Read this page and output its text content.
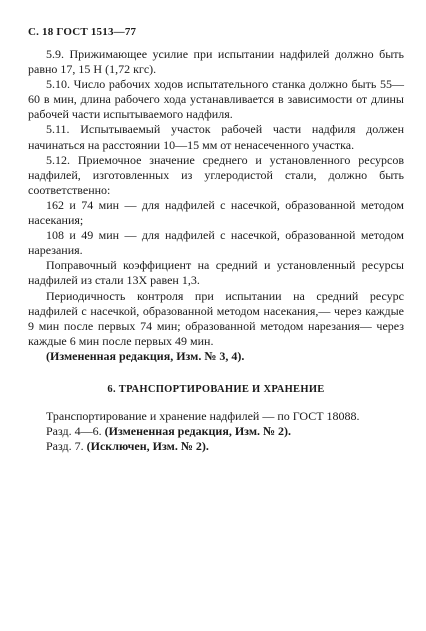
С. 18 ГОСТ 1513—77

5.9. Прижимающее усилие при испытании надфилей должно быть равно 17, 15 Н (1,72 кгс).

5.10. Число рабочих ходов испытательного станка должно быть 55—60 в мин, длина рабочего хода устанавливается в зависимости от длины рабочей части испытываемого надфиля.

5.11. Испытываемый участок рабочей части надфиля должен начинаться на расстоянии 10—15 мм от ненасеченного участка.

5.12. Приемочное значение среднего и установленного ресурсов надфилей, изготовленных из углеродистой стали, должно быть соответственно:

162 и 74 мин — для надфилей с насечкой, образованной методом насекания;

108 и 49 мин — для надфилей с насечкой, образованной методом нарезания.

Поправочный коэффициент на средний и установленный ресурсы надфилей из стали 13Х равен 1,3.

Периодичность контроля при испытании на средний ресурс надфилей с насечкой, образованной методом насекания,— через каждые 9 мин после первых 74 мин; образованной методом нарезания— через каждые 6 мин после первых 49 мин.

(Измененная редакция, Изм. № 3, 4).

6. ТРАНСПОРТИРОВАНИЕ И ХРАНЕНИЕ

Транспортирование и хранение надфилей — по ГОСТ 18088.

Разд. 4—6. (Измененная редакция, Изм. № 2).

Разд. 7. (Исключен, Изм. № 2).
